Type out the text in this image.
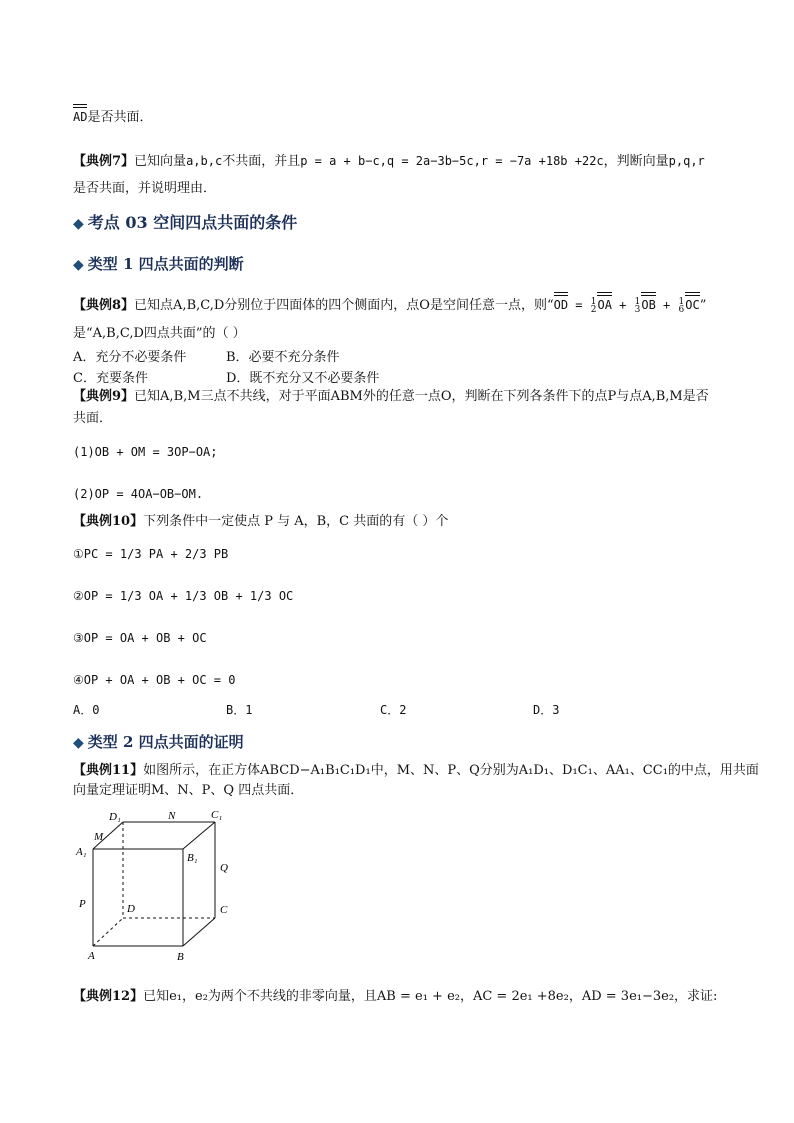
AD是否共面．
【典例7】已知向量a,b,c不共面，并且p = a + b−c,q = 2a−3b−5c,r = −7a +18b +22c，判断向量p,q,r
是否共面，并说明理由．
◆ 考点 03 空间四点共面的条件
◆ 类型 1 四点共面的判断
【典例8】已知点A,B,C,D分别位于四面体的四个侧面内，点O是空间任意一点，则“OD = 1
2 OA + 1
3 OB + 1
6 OC”
是“A,B,C,D四点共面”的（ ）
A．充分不必要条件	B．必要不充分条件
C．充要条件	D．既不充分又不必要条件
【典例9】已知A,B,M三点不共线，对于平面ABM外的任意一点O，判断在下列各条件下的点P与点A,B,M是否
共面．
(1)OB + OM = 3OP−OA;
(2)OP = 4OA−OB−OM.
【典例10】下列条件中一定使点 P 与 A，B，C 共面的有（ ）个
①PC = 1/3 PA + 2/3 PB
②OP = 1/3 OA + 1/3 OB + 1/3 OC
③OP = OA + OB + OC
④OP + OA + OB + OC = 0
A．0	B．1	C．2	D．3
◆ 类型 2 四点共面的证明
【典例11】如图所示，在正方体ABCD−A₁B₁C₁D₁中，M、N、P、Q分别为A₁D₁、D₁C₁、AA₁、CC₁的中点，用共面
向量定理证明M、N、P、Q 四点共面．
D₁	N	C₁
M
A₁	B₁
Q
P	D	C
A	B
【典例12】已知e₁，e₂为两个不共线的非零向量，且AB = e₁ + e₂，AC = 2e₁ +8e₂，AD = 3e₁−3e₂，求证:
